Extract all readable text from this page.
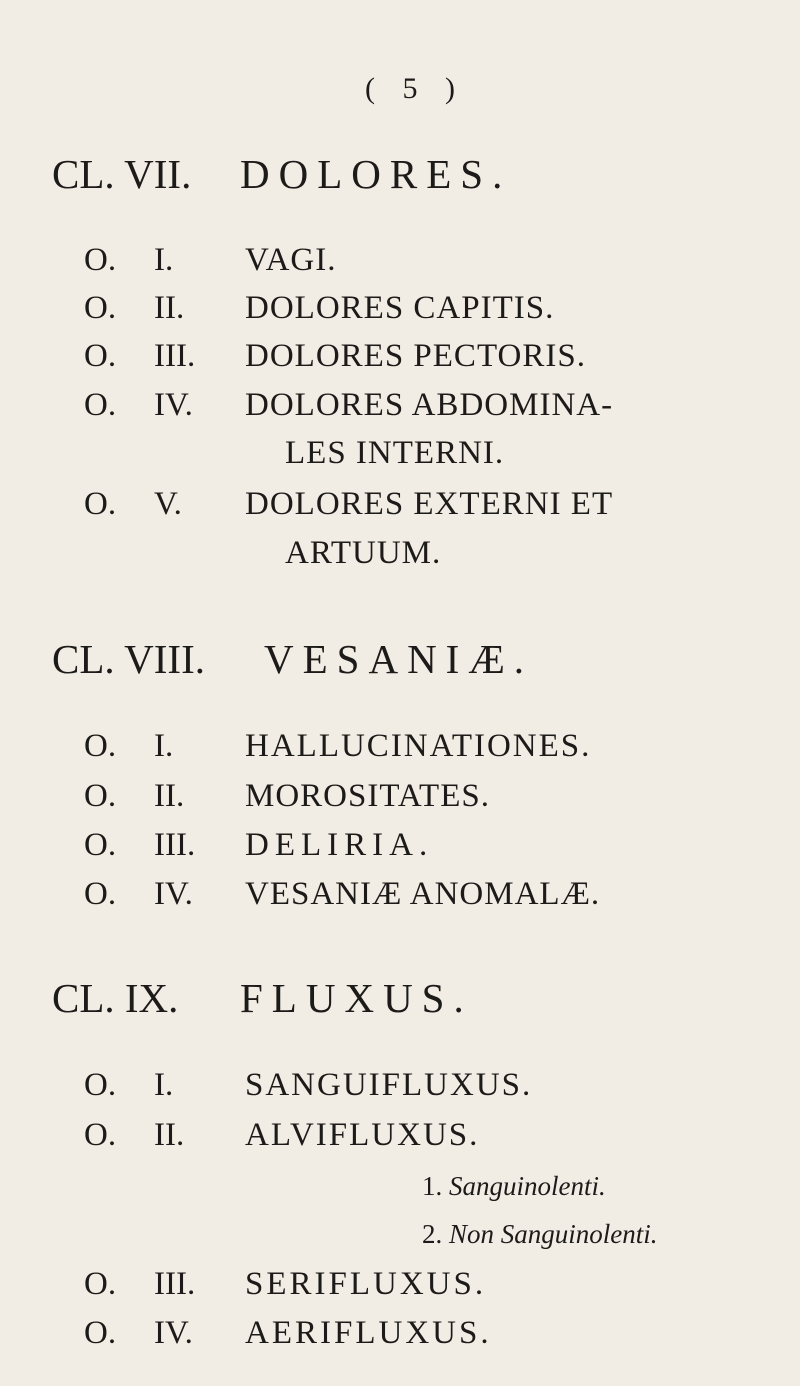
( 5 )
CL. VII. DOLORES.
O. I. VAGI.
O. II. DOLORES CAPITIS.
O. III. DOLORES PECTORIS.
O. IV. DOLORES ABDOMINA-
LES INTERNI.
O. V. DOLORES EXTERNI ET
ARTUUM.
CL. VIII. VESANIÆ.
O. I. HALLUCINATIONES.
O. II. MOROSITATES.
O. III. DELIRIA.
O. IV. VESANIÆ ANOMALÆ.
CL. IX. FLUXUS.
O. I. SANGUIFLUXUS.
O. II. ALVIFLUXUS.
1. Sanguinolenti.
2. Non Sanguinolenti.
O. III. SERIFLUXUS.
O. IV. AERIFLUXUS.
